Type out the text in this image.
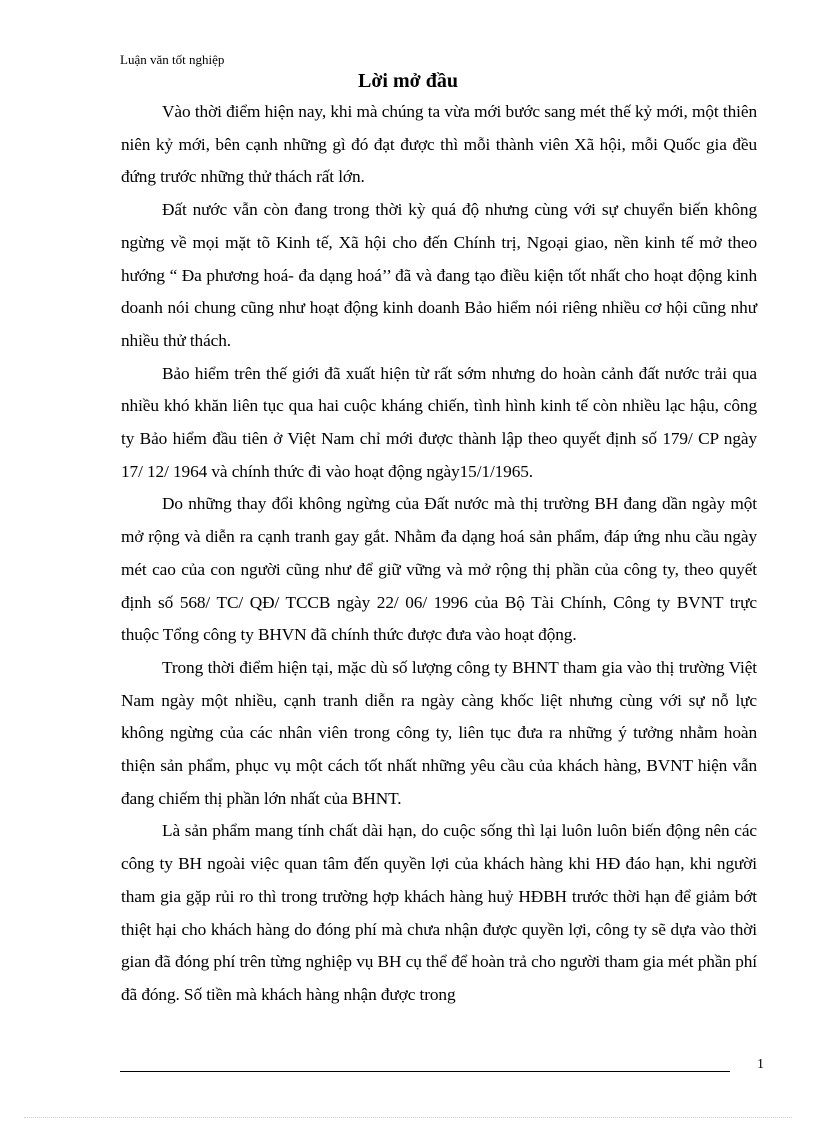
Luận văn tốt nghiệp
Lời mở đầu

Vào thời điểm hiện nay, khi mà chúng ta vừa mới bước sang mét thế kỷ mới, một thiên niên kỷ mới, bên cạnh những gì đó đạt được thì mỗi thành viên Xã hội, mỗi Quốc gia đều đứng trước những thử thách rất lớn.

Đất nước vẫn còn đang trong thời kỳ quá độ nhưng cùng với sự chuyển biến không ngừng về mọi mặt tõ Kinh tế, Xã hội cho đến Chính trị, Ngoại giao, nền kinh tế mở theo hướng “ Đa phương hoá- đa dạng hoá’’ đã và đang tạo điều kiện tốt nhất cho hoạt động kinh doanh nói chung cũng như hoạt động kinh doanh Bảo hiểm nói riêng nhiều cơ hội cũng như nhiều thử thách.

Bảo hiểm trên thế giới đã xuất hiện từ rất sớm nhưng do hoàn cảnh đất nước trải qua nhiều khó khăn liên tục qua hai cuộc kháng chiến, tình hình kinh tế còn nhiều lạc hậu, công ty Bảo hiểm đầu tiên ở Việt Nam chỉ mới được thành lập theo quyết định số 179/ CP ngày 17/ 12/ 1964 và chính thức đi vào hoạt động ngày15/1/1965.

Do những thay đổi không ngừng của Đất nước mà thị trường BH đang dần ngày một mở rộng và diễn ra cạnh tranh gay gắt. Nhằm đa dạng hoá sản phẩm, đáp ứng nhu cầu ngày mét cao của con người cũng như để giữ vững và mở rộng thị phần của công ty, theo quyết định số 568/ TC/ QĐ/ TCCB ngày 22/ 06/ 1996 của Bộ Tài Chính, Công ty BVNT trực thuộc Tổng công ty BHVN đã chính thức được đưa vào hoạt động.

Trong thời điểm hiện tại, mặc dù số lượng công ty BHNT tham gia vào thị trường Việt Nam ngày một nhiều, cạnh tranh diễn ra ngày càng khốc liệt nhưng cùng với sự nỗ lực không ngừng của các nhân viên trong công ty, liên tục đưa ra những ý tưởng nhằm hoàn thiện sản phẩm, phục vụ một cách tốt nhất những yêu cầu của khách hàng, BVNT hiện vẫn đang chiếm thị phần lớn nhất của BHNT.

Là sản phẩm mang tính chất dài hạn, do cuộc sống thì lại luôn luôn biến động nên các công ty BH ngoài việc quan tâm đến quyền lợi của khách hàng khi HĐ đáo hạn, khi người tham gia gặp rủi ro thì trong trường hợp khách hàng huỷ HĐBH trước thời hạn để giảm bớt thiệt hại cho khách hàng do đóng phí mà chưa nhận được quyền lợi, công ty sẽ dựa vào thời gian đã đóng phí trên từng nghiệp vụ BH cụ thể để hoàn trả cho người tham gia mét phần phí đã đóng. Số tiền mà khách hàng nhận được trong

1
